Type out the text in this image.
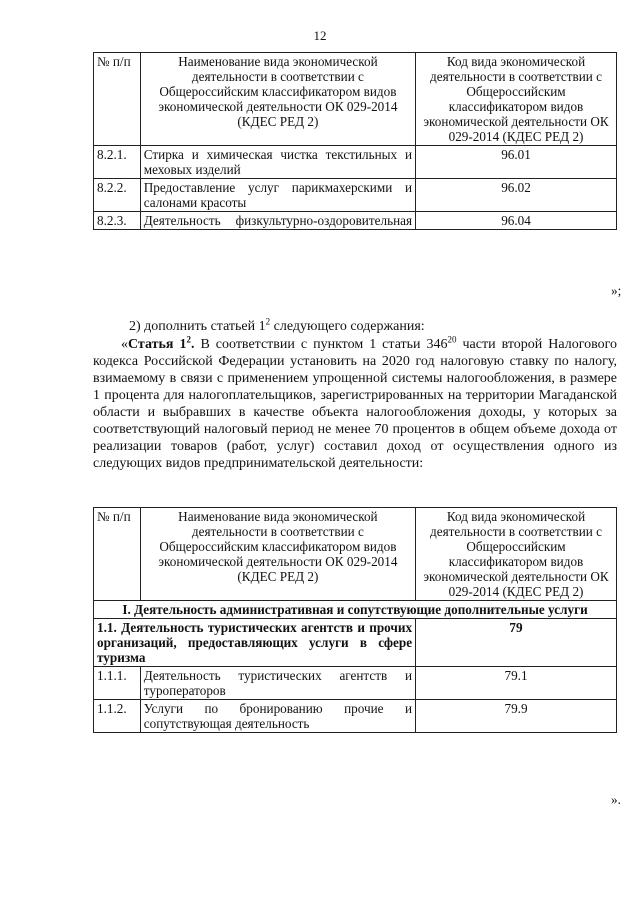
12
№ п/п	Наименование вида экономической деятельности в соответствии с Общероссийским классификатором видов экономической деятельности ОК 029-2014 (КДЕС РЕД 2)	Код вида экономической деятельности в соответствии с Общероссийским классификатором видов экономической деятельности ОК 029-2014 (КДЕС РЕД 2)
8.2.1.	Стирка и химическая чистка текстильных и меховых изделий	96.01
8.2.2.	Предоставление услуг парикмахерскими и салонами красоты	96.02
8.2.3.	Деятельность физкультурно-оздоровительная	96.04
»;
2) дополнить статьей $1^2$ следующего содержания:
«Статья $1^2$. В соответствии с пунктом 1 статьи $346^{20}$ части второй Налогового кодекса Российской Федерации установить на 2020 год налоговую ставку по налогу, взимаемому в связи с применением упрощенной системы налогообложения, в размере 1 процента для налогоплательщиков, зарегистрированных на территории Магаданской области и выбравших в качестве объекта налогообложения доходы, у которых за соответствующий налоговый период не менее 70 процентов в общем объеме дохода от реализации товаров (работ, услуг) составил доход от осуществления одного из следующих видов предпринимательской деятельности:
№ п/п	Наименование вида экономической деятельности в соответствии с Общероссийским классификатором видов экономической деятельности ОК 029-2014 (КДЕС РЕД 2)	Код вида экономической деятельности в соответствии с Общероссийским классификатором видов экономической деятельности ОК 029-2014 (КДЕС РЕД 2)
I. Деятельность административная и сопутствующие дополнительные услуги		
1.1. Деятельность туристических агентств и прочих организаций, предоставляющих услуги в сфере туризма		79
1.1.1.	Деятельность туристических агентств и туроператоров	79.1
1.1.2.	Услуги по бронированию прочие и сопутствующая деятельность	79.9
».
